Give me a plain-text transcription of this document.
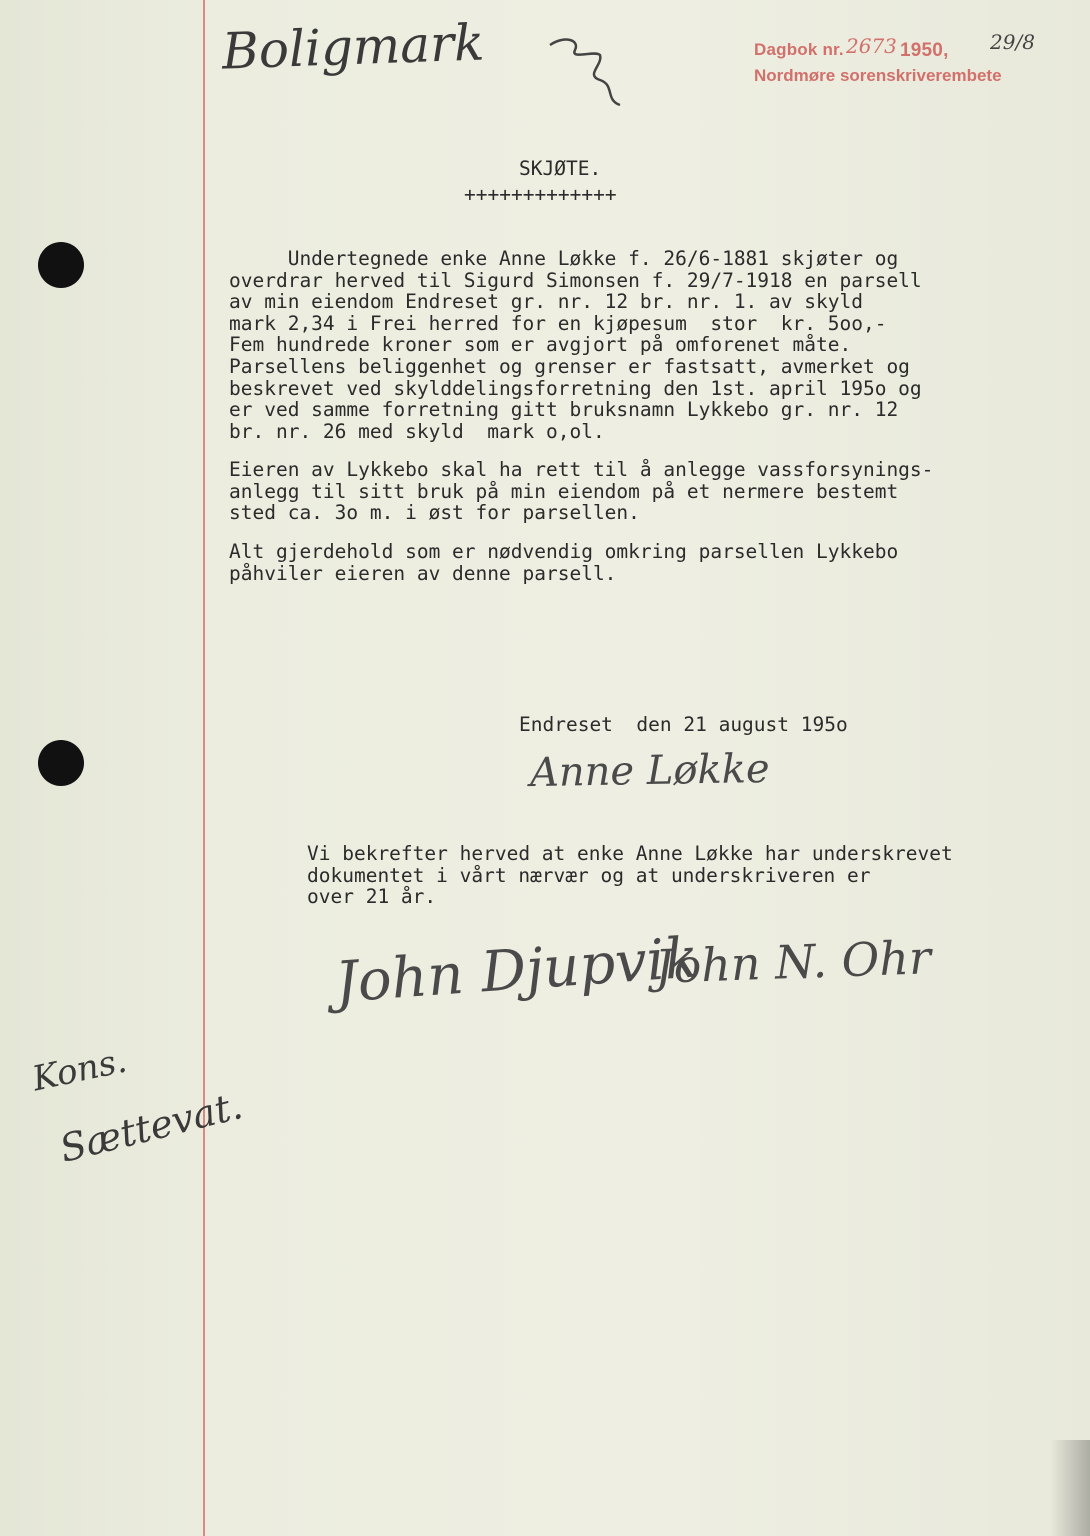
Boligmark	Dagbok nr. 2673 1950, 29/8
Nordmøre sorenskriverembete
SKJØTE.
+++++++++++++
Undertegnede enke Anne Løkke f. 26/6-1881 skjøter og
overdrar herved til Sigurd Simonsen f. 29/7-1918 en parsell
av min eiendom Endreset gr. nr. 12 br. nr. 1. av skyld
mark 2,34 i Frei herred for en kjøpesum  stor  kr. 5oo,-
Fem hundrede kroner som er avgjort på omforenet måte.
Parsellens beliggenhet og grenser er fastsatt, avmerket og
beskrevet ved skylddelingsforretning den 1st. april 195o og
er ved samme forretning gitt bruksnamn Lykkebo gr. nr. 12
br. nr. 26 med skyld  mark o,ol.
Eieren av Lykkebo skal ha rett til å anlegge vassforsynings-
anlegg til sitt bruk på min eiendom på et nermere bestemt
sted ca. 3o m. i øst for parsellen.
Alt gjerdehold som er nødvendig omkring parsellen Lykkebo
påhviler eieren av denne parsell.
Endreset  den 21 august 195o
Anne Løkke
Vi bekrefter herved at enke Anne Løkke har underskrevet
dokumentet i vårt nærvær og at underskriveren er
over 21 år.
John Djupvik
John N. Ohr
Kons.
Sættevat.
